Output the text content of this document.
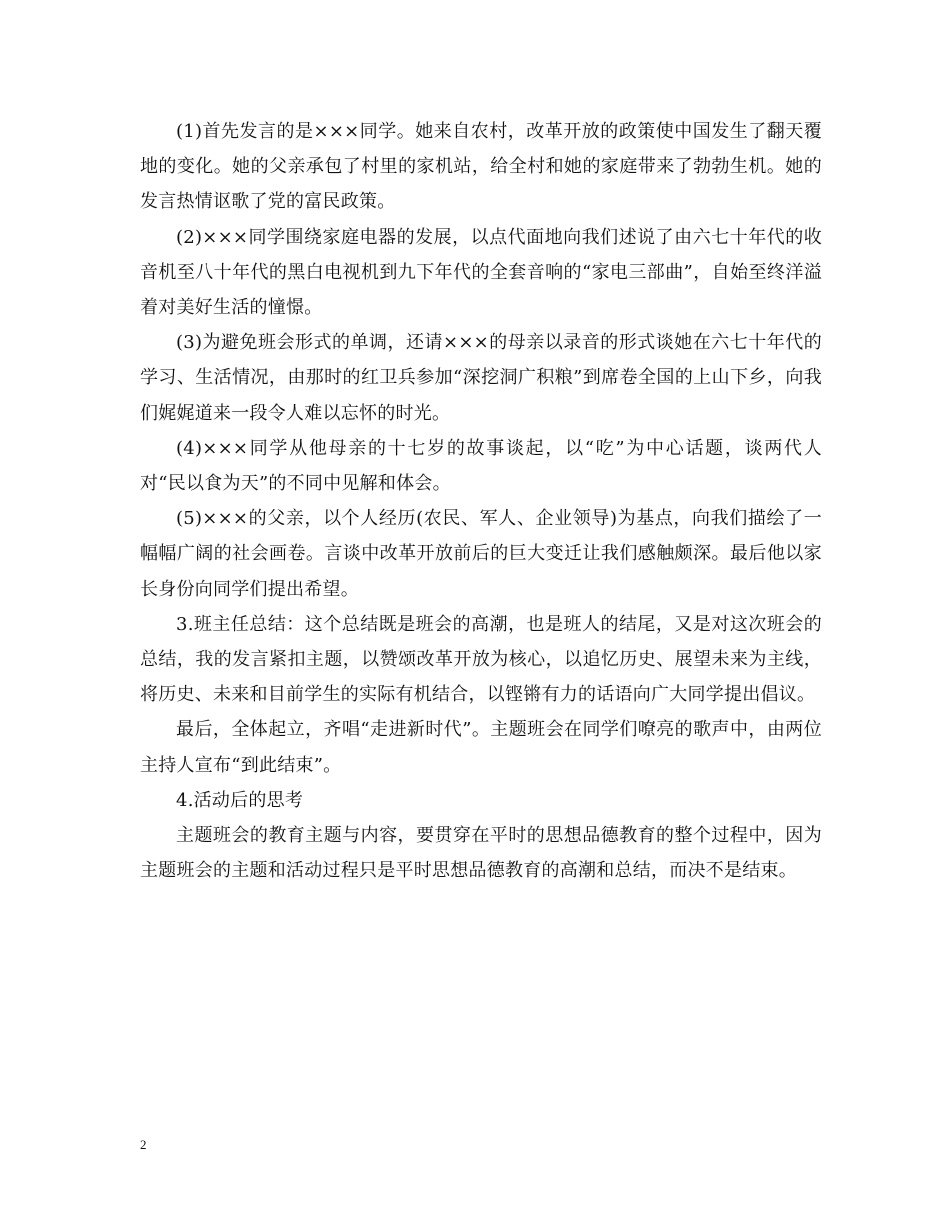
(1)首先发言的是×××同学。她来自农村，改革开放的政策使中国发生了翻天覆地的变化。她的父亲承包了村里的家机站，给全村和她的家庭带来了勃勃生机。她的发言热情讴歌了党的富民政策。

(2)×××同学围绕家庭电器的发展，以点代面地向我们述说了由六七十年代的收音机至八十年代的黑白电视机到九下年代的全套音响的“家电三部曲”，自始至终洋溢着对美好生活的憧憬。

(3)为避免班会形式的单调，还请×××的母亲以录音的形式谈她在六七十年代的学习、生活情况，由那时的红卫兵参加“深挖洞广积粮”到席卷全国的上山下乡，向我们娓娓道来一段令人难以忘怀的时光。

(4)×××同学从他母亲的十七岁的故事谈起，以“吃”为中心话题，谈两代人对“民以食为天”的不同中见解和体会。

(5)×××的父亲，以个人经历(农民、军人、企业领导)为基点，向我们描绘了一幅幅广阔的社会画卷。言谈中改革开放前后的巨大变迁让我们感触颇深。最后他以家长身份向同学们提出希望。

3.班主任总结：这个总结既是班会的高潮，也是班人的结尾，又是对这次班会的总结，我的发言紧扣主题，以赞颂改革开放为核心，以追忆历史、展望未来为主线，将历史、未来和目前学生的实际有机结合，以铿锵有力的话语向广大同学提出倡议。

最后，全体起立，齐唱“走进新时代”。主题班会在同学们嘹亮的歌声中，由两位主持人宣布“到此结束”。

4.活动后的思考

主题班会的教育主题与内容，要贯穿在平时的思想品德教育的整个过程中，因为主题班会的主题和活动过程只是平时思想品德教育的高潮和总结，而决不是结束。

2
